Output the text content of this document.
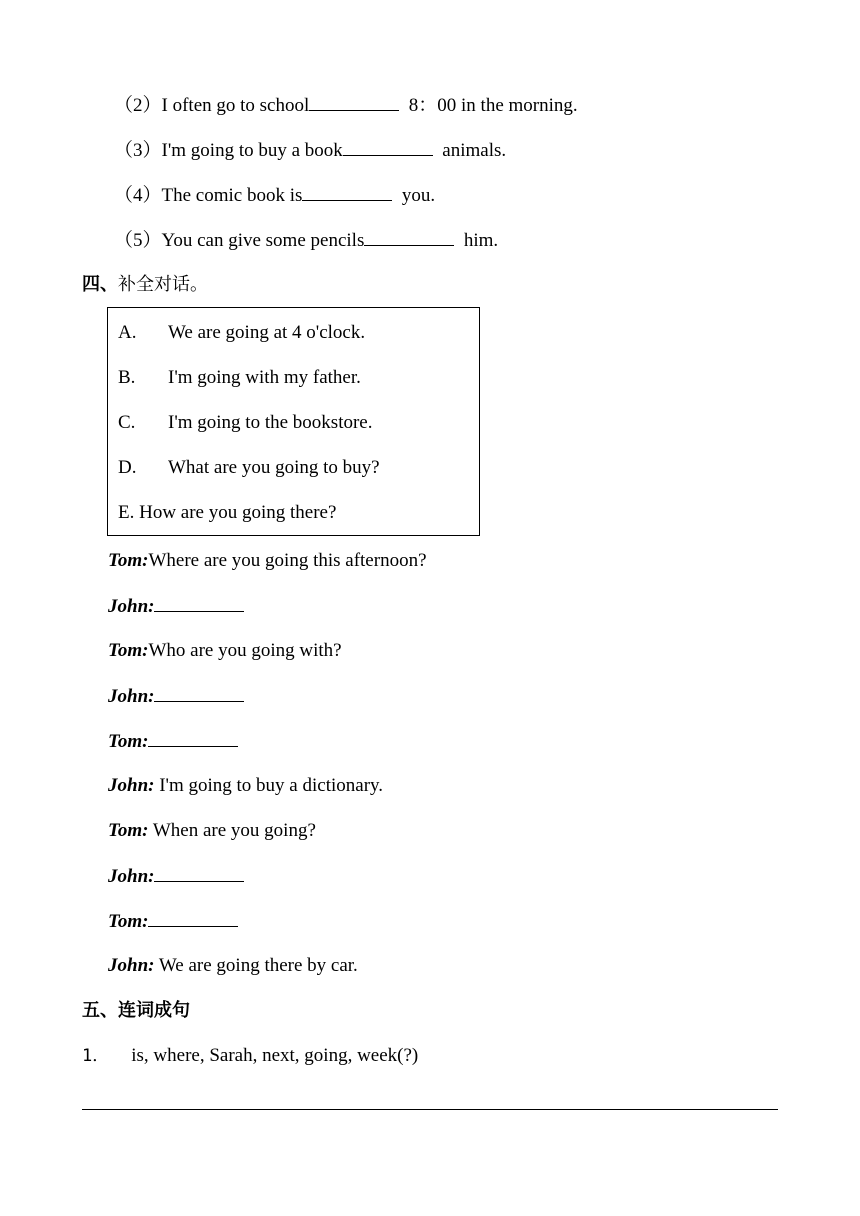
（2）I often go to school	8：00 in the morning.
（3）I'm going to buy a book	animals.
（4）The comic book is	you.
（5）You can give some pencils	him.
四、补全对话。
A. We are going at 4 o'clock.
B. I'm going with my father.
C. I'm going to the bookstore.
D. What are you going to buy?
E. How are you going there?
Tom:Where are you going this afternoon?
John:
Tom:Who are you going with?
John:
Tom:
John: I'm going to buy a dictionary.
Tom: When are you going?
John:
Tom:
John: We are going there by car.
五、连词成句
1． is, where, Sarah, next, going, week(?)
